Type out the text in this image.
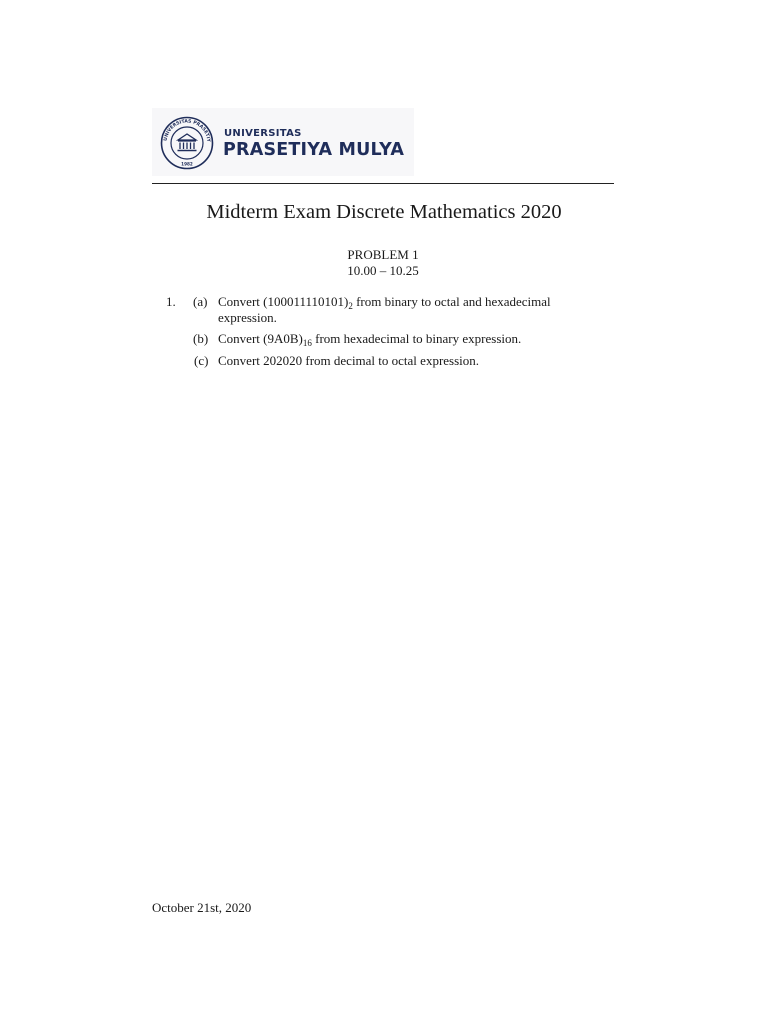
UNIVERSITAS PRASETIY
1982
UNIVERSITAS
PRASETIYA MULYA
Midterm Exam Discrete Mathematics 2020
PROBLEM 1
10.00 – 10.25
1. (a) Convert $(100011110101)_2$ from binary to octal and hexadecimal
expression.
(b) Convert $(9A0B)_{16}$ from hexadecimal to binary expression.
(c) Convert 202020 from decimal to octal expression.
October 21st, 2020
